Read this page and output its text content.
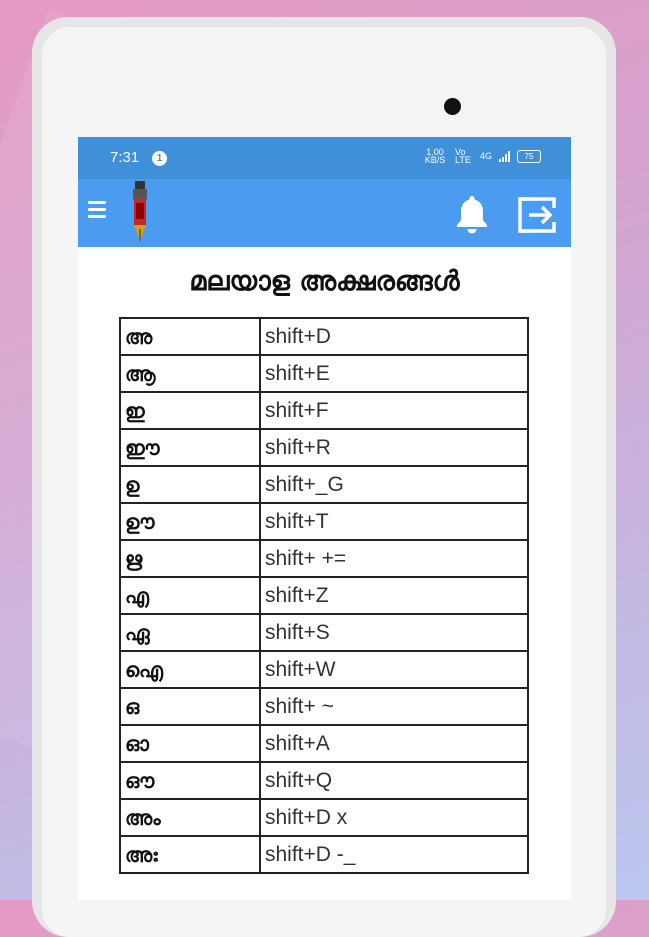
7:31	1
1.00 KB/S
Vo LTE 4G	75
മലയാള അക്ഷരങ്ങൾ
അ	shift+D
ആ	shift+E
ഇ	shift+F
ഈ	shift+R
ഉ	shift+_G
ഊ	shift+T
ഋ	shift+ +=
എ	shift+Z
ഏ	shift+S
ഐ	shift+W
ഒ	shift+ ~
ഓ	shift+A
ഔ	shift+Q
അം	shift+D x
അഃ	shift+D -_
